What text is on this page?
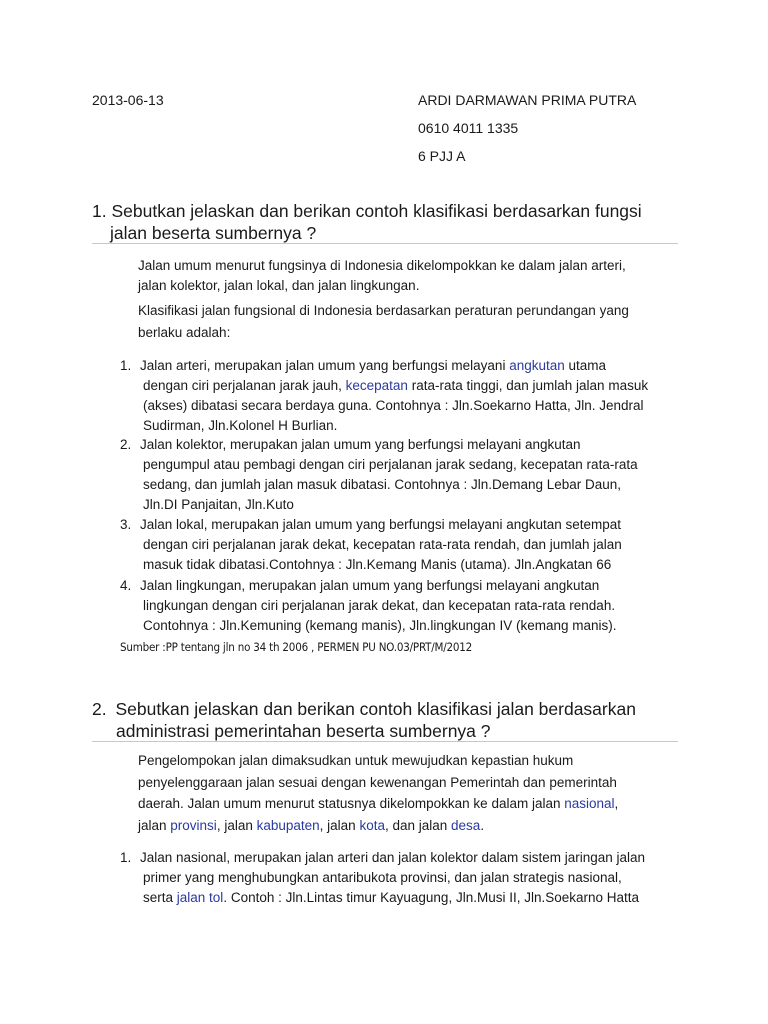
2013-06-13	ARDI DARMAWAN PRIMA PUTRA
0610 4011 1335
6 PJJ A

1. Sebutkan jelaskan dan berikan contoh klasifikasi berdasarkan fungsi

jalan beserta sumbernya ?

Jalan umum menurut fungsinya di Indonesia dikelompokkan ke dalam jalan arteri,

jalan kolektor, jalan lokal, dan jalan lingkungan.

Klasifikasi jalan fungsional di Indonesia berdasarkan peraturan perundangan yang

berlaku adalah:

1. Jalan arteri, merupakan jalan umum yang berfungsi melayani angkutan utama
dengan ciri perjalanan jarak jauh, kecepatan rata-rata tinggi, dan jumlah jalan masuk
(akses) dibatasi secara berdaya guna. Contohnya : Jln.Soekarno Hatta, Jln. Jendral
Sudirman, Jln.Kolonel H Burlian.
2. Jalan kolektor, merupakan jalan umum yang berfungsi melayani angkutan
pengumpul atau pembagi dengan ciri perjalanan jarak sedang, kecepatan rata-rata
sedang, dan jumlah jalan masuk dibatasi. Contohnya : Jln.Demang Lebar Daun,
Jln.DI Panjaitan, Jln.Kuto
3. Jalan lokal, merupakan jalan umum yang berfungsi melayani angkutan setempat
dengan ciri perjalanan jarak dekat, kecepatan rata-rata rendah, dan jumlah jalan
masuk tidak dibatasi.Contohnya : Jln.Kemang Manis (utama). Jln.Angkatan 66
4. Jalan lingkungan, merupakan jalan umum yang berfungsi melayani angkutan
lingkungan dengan ciri perjalanan jarak dekat, dan kecepatan rata-rata rendah.
Contohnya : Jln.Kemuning (kemang manis), Jln.lingkungan IV (kemang manis).
Sumber :PP tentang jln no 34 th 2006 , PERMEN PU NO.03/PRT/M/2012

2. Sebutkan jelaskan dan berikan contoh klasifikasi jalan berdasarkan

administrasi pemerintahan beserta sumbernya ?

Pengelompokan jalan dimaksudkan untuk mewujudkan kepastian hukum

penyelenggaraan jalan sesuai dengan kewenangan Pemerintah dan pemerintah

daerah. Jalan umum menurut statusnya dikelompokkan ke dalam jalan nasional,

jalan provinsi, jalan kabupaten, jalan kota, dan jalan desa.

1. Jalan nasional, merupakan jalan arteri dan jalan kolektor dalam sistem jaringan jalan
primer yang menghubungkan antaribukota provinsi, dan jalan strategis nasional,
serta jalan tol. Contoh : Jln.Lintas timur Kayuagung, Jln.Musi II, Jln.Soekarno Hatta
